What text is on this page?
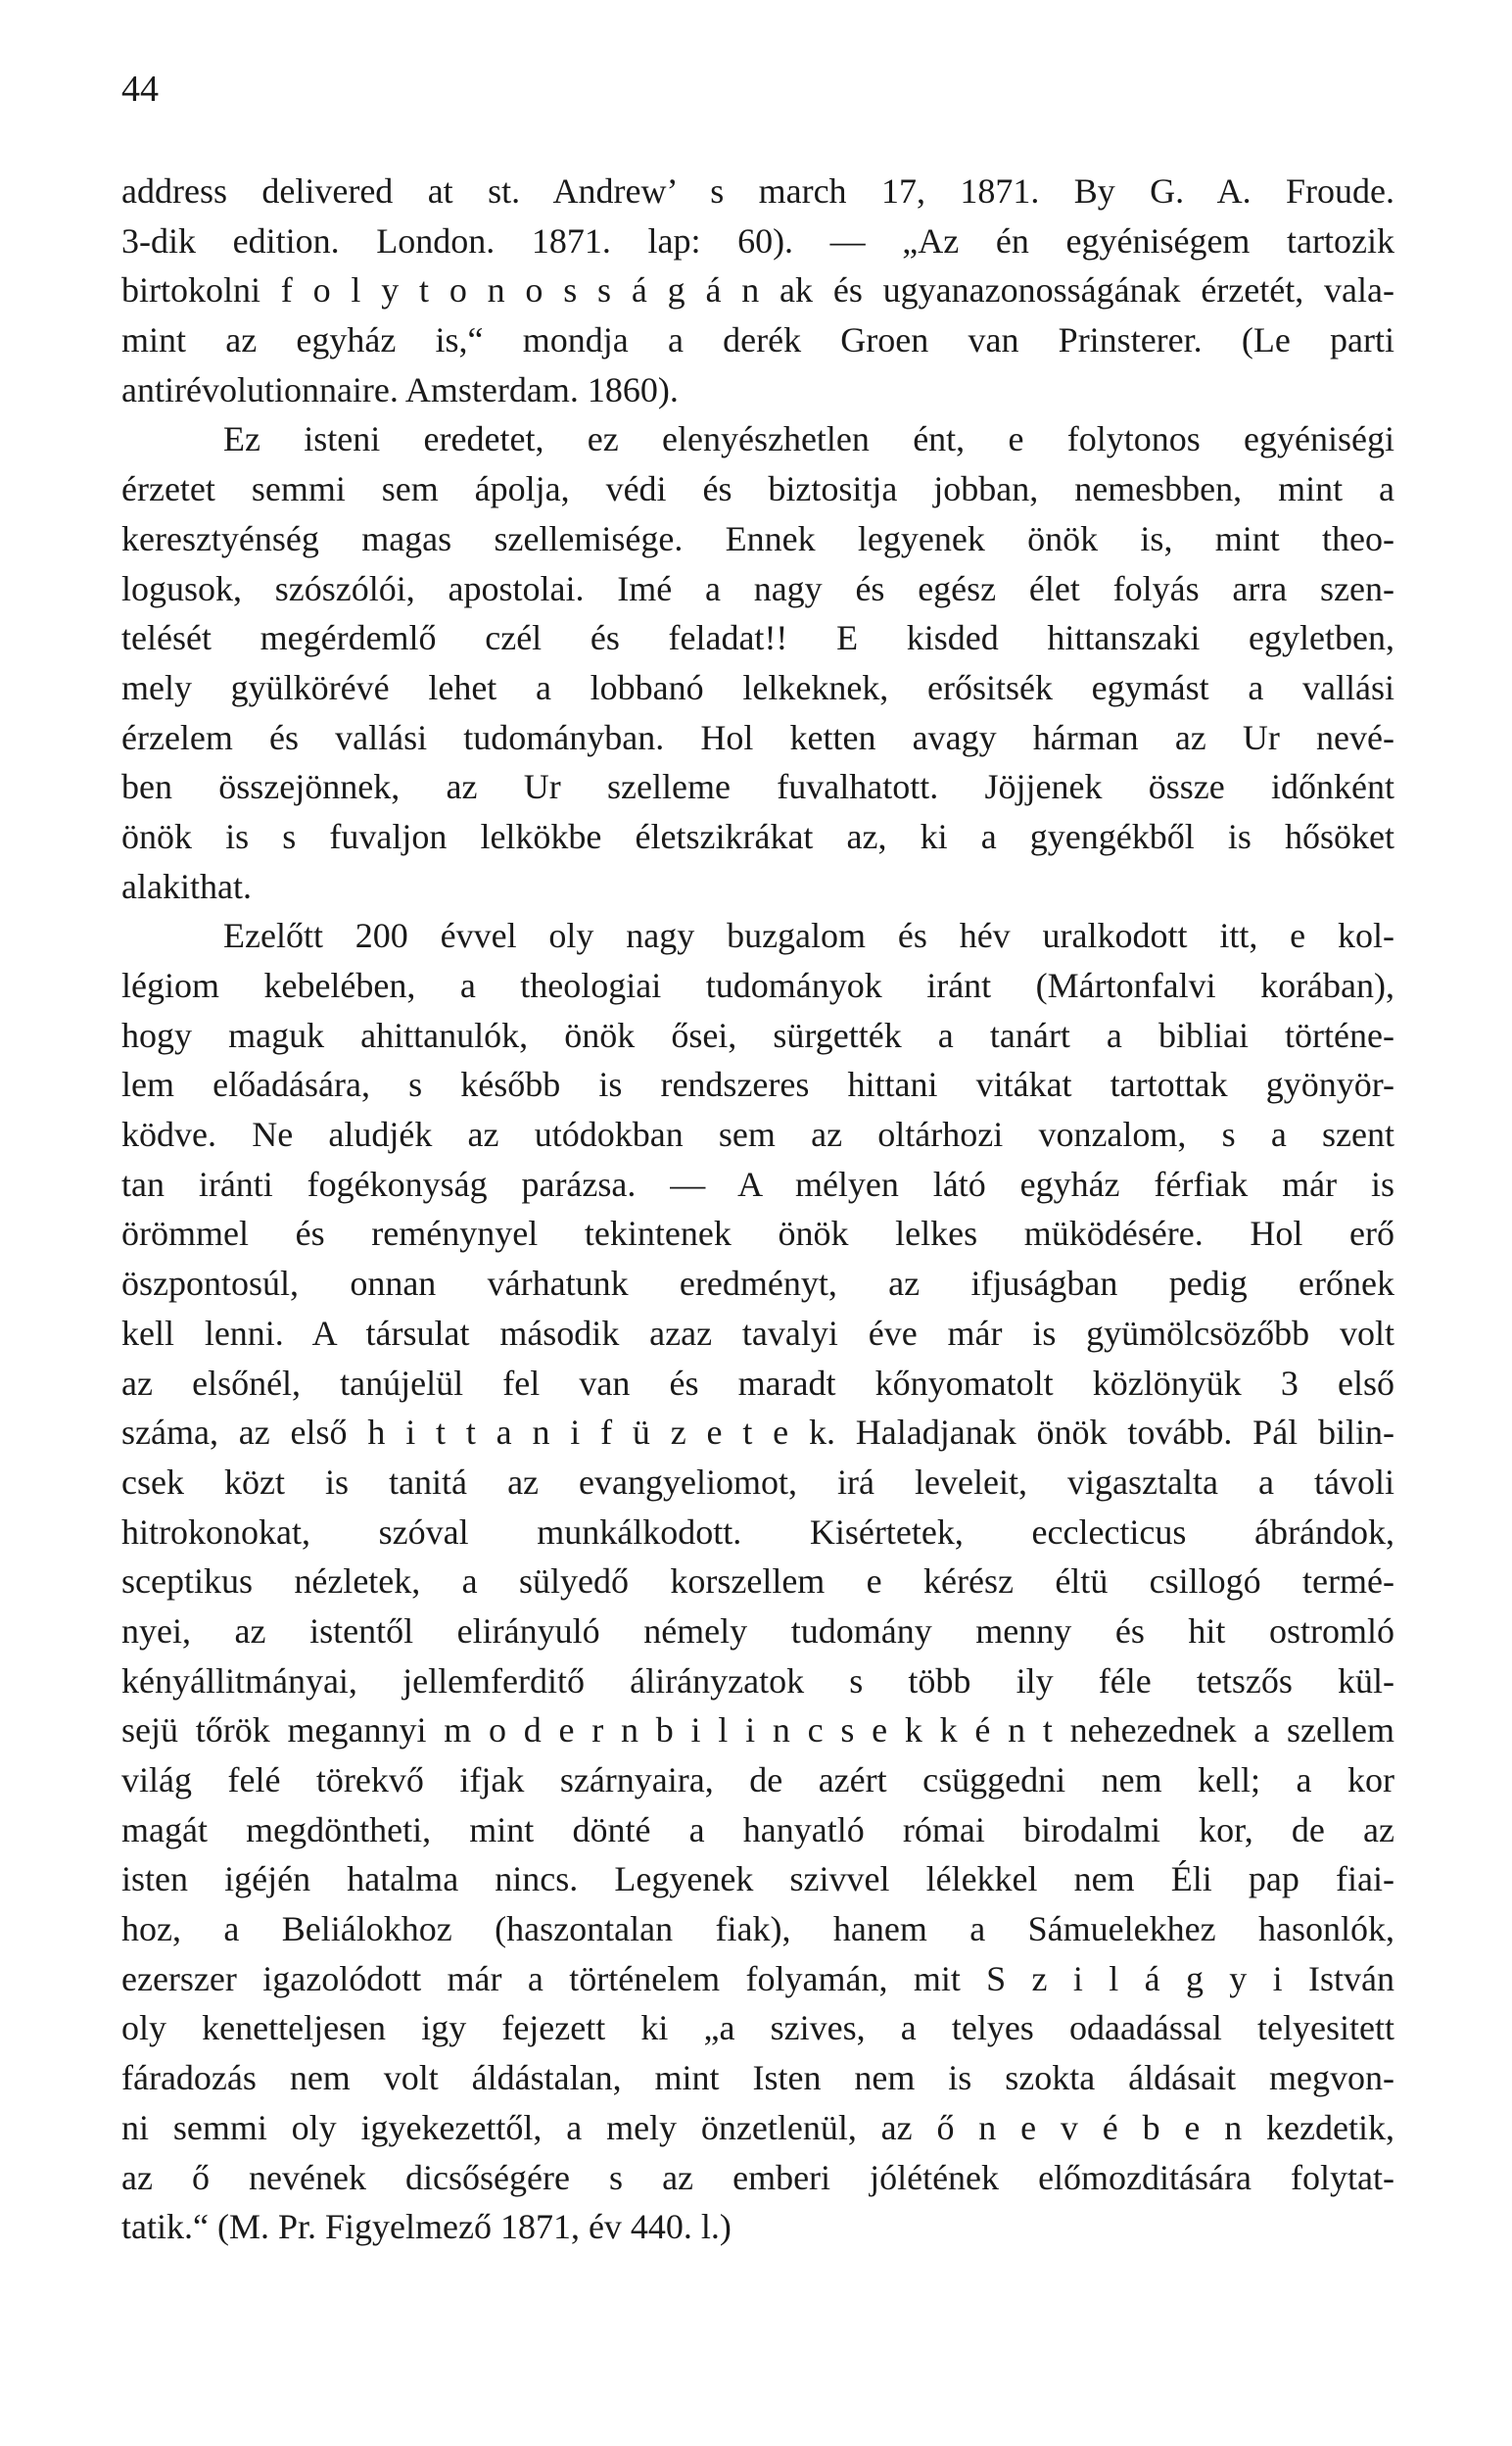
44
address delivered at st. Andrew’ s march 17, 1871. By G. A. Froude.
3-dik edition. London. 1871. lap: 60). — „Az én egyéniségem tartozik
birtokolni f o l y t o n o s s á g á n ak és ugyanazonosságának érzetét, vala-
mint az egyház is,“ mondja a derék Groen van Prinsterer. (Le parti
antirévolutionnaire. Amsterdam. 1860).
Ez isteni eredetet, ez elenyészhetlen ént, e folytonos egyéniségi
érzetet semmi sem ápolja, védi és biztositja jobban, nemesbben, mint a
keresztyénség magas szellemisége. Ennek legyenek önök is, mint theo-
logusok, szószólói, apostolai. Imé a nagy és egész élet folyás arra szen-
telését megérdemlő czél és feladat!! E kisded hittanszaki egyletben,
mely gyülkörévé lehet a lobbanó lelkeknek, erősitsék egymást a vallási
érzelem és vallási tudományban. Hol ketten avagy hárman az Ur nevé-
ben összejönnek, az Ur szelleme fuvalhatott. Jöjjenek össze időnként
önök is s fuvaljon lelkökbe életszikrákat az, ki a gyengékből is hősöket
alakithat.
Ezelőtt 200 évvel oly nagy buzgalom és hév uralkodott itt, e kol-
légiom kebelében, a theologiai tudományok iránt (Mártonfalvi korában),
hogy maguk ahittanulók, önök ősei, sürgették a tanárt a bibliai történe-
lem előadására, s később is rendszeres hittani vitákat tartottak gyönyör-
ködve. Ne aludjék az utódokban sem az oltárhozi vonzalom, s a szent
tan iránti fogékonyság parázsa. — A mélyen látó egyház férfiak már is
örömmel és reménynyel tekintenek önök lelkes müködésére. Hol erő
öszpontosúl, onnan várhatunk eredményt, az ifjuságban pedig erőnek
kell lenni. A társulat második azaz tavalyi éve már is gyümölcsözőbb volt
az elsőnél, tanújelül fel van és maradt kőnyomatolt közlönyük 3 első
száma, az első h i t t a n i f ü z e t e k. Haladjanak önök tovább. Pál bilin-
csek közt is tanitá az evangyeliomot, irá leveleit, vigasztalta a távoli
hitrokonokat, szóval munkálkodott. Kisértetek, ecclecticus ábrándok,
sceptikus nézletek, a sülyedő korszellem e kérész éltü csillogó termé-
nyei, az istentől elirányuló némely tudomány menny és hit ostromló
kényállitmányai, jellemferditő álirányzatok s több ily féle tetszős kül-
sejü tőrök megannyi m o d e r n b i l i n c s e k k é n t nehezednek a szellem
világ felé törekvő ifjak szárnyaira, de azért csüggedni nem kell; a kor
magát megdöntheti, mint dönté a hanyatló római birodalmi kor, de az
isten igéjén hatalma nincs. Legyenek szivvel lélekkel nem Éli pap fiai-
hoz, a Beliálokhoz (haszontalan fiak), hanem a Sámuelekhez hasonlók,
ezerszer igazolódott már a történelem folyamán, mit S z i l á g y i István
oly kenetteljesen igy fejezett ki „a szives, a telyes odaadással telyesitett
fáradozás nem volt áldástalan, mint Isten nem is szokta áldásait megvon-
ni semmi oly igyekezettől, a mely önzetlenül, az ő n e v é b e n kezdetik,
az ő nevének dicsőségére s az emberi jólétének előmozditására folytat-
tatik.“ (M. Pr. Figyelmező 1871, év 440. l.)
